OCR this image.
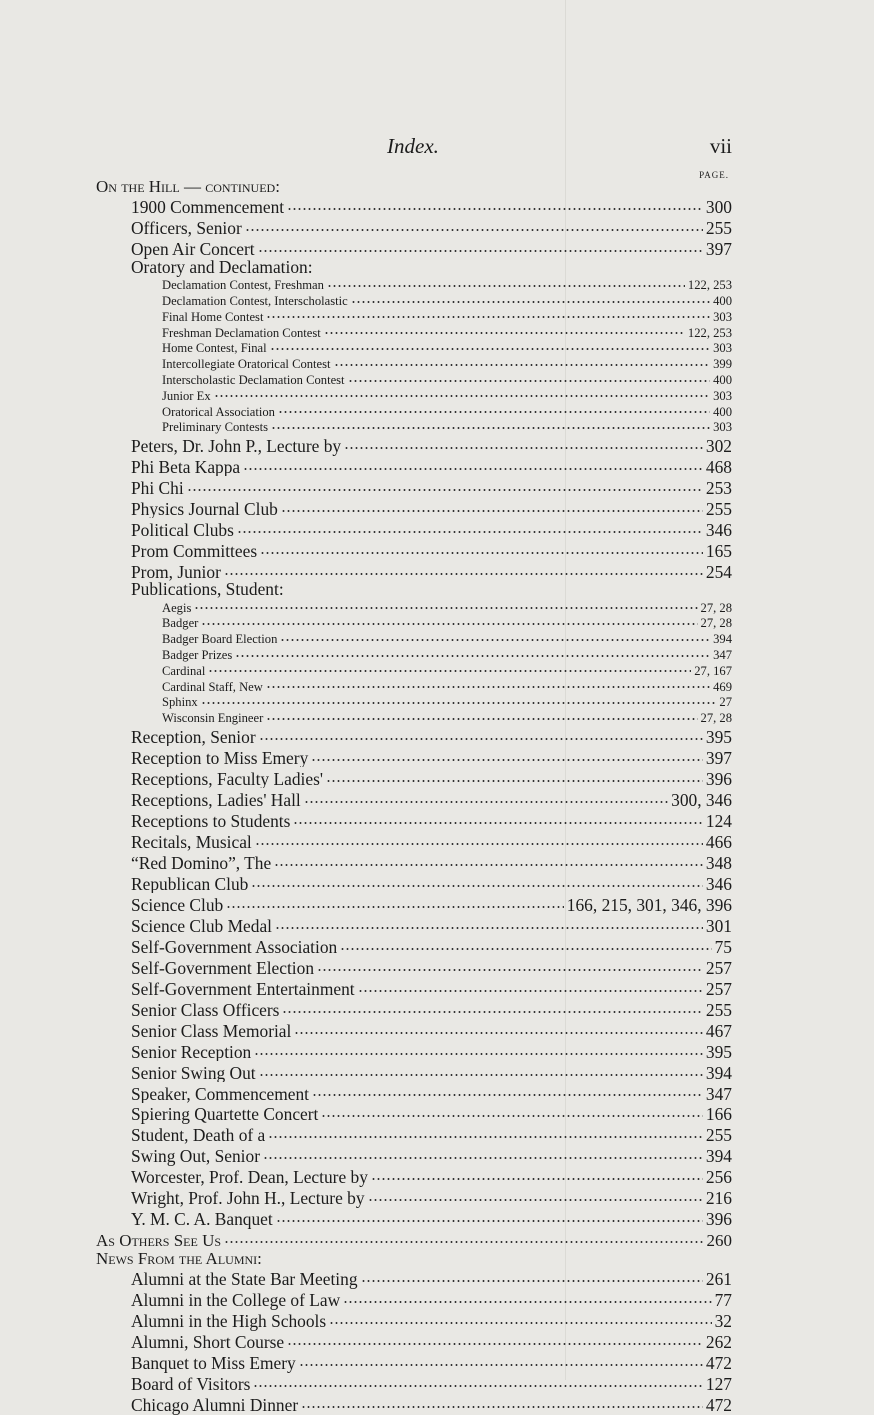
Index.	vii
PAGE.
On the Hill — continued:
1900 Commencement	300
Officers, Senior	255
Open Air Concert	397
Oratory and Declamation:
Declamation Contest, Freshman	122, 253
Declamation Contest, Interscholastic	400
Final Home Contest	303
Freshman Declamation Contest	122, 253
Home Contest, Final	303
Intercollegiate Oratorical Contest	399
Interscholastic Declamation Contest	400
Junior Ex	303
Oratorical Association	400
Preliminary Contests	303
Peters, Dr. John P., Lecture by	302
Phi Beta Kappa	468
Phi Chi	253
Physics Journal Club	255
Political Clubs	346
Prom Committees	165
Prom, Junior	254
Publications, Student:
Aegis	27, 28
Badger	27, 28
Badger Board Election	394
Badger Prizes	347
Cardinal	27, 167
Cardinal Staff, New	469
Sphinx	27
Wisconsin Engineer	27, 28
Reception, Senior	395
Reception to Miss Emery	397
Receptions, Faculty Ladies'	396
Receptions, Ladies' Hall	300, 346
Receptions to Students	124
Recitals, Musical	466
“Red Domino”, The	348
Republican Club	346
Science Club	166, 215, 301, 346, 396
Science Club Medal	301
Self-Government Association	75
Self-Government Election	257
Self-Government Entertainment	257
Senior Class Officers	255
Senior Class Memorial	467
Senior Reception	395
Senior Swing Out	394
Speaker, Commencement	347
Spiering Quartette Concert	166
Student, Death of a	255
Swing Out, Senior	394
Worcester, Prof. Dean, Lecture by	256
Wright, Prof. John H., Lecture by	216
Y. M. C. A. Banquet	396
As Others See Us	260
News From the Alumni:
Alumni at the State Bar Meeting	261
Alumni in the College of Law	77
Alumni in the High Schools	32
Alumni, Short Course	262
Banquet to Miss Emery	472
Board of Visitors	127
Chicago Alumni Dinner	472
